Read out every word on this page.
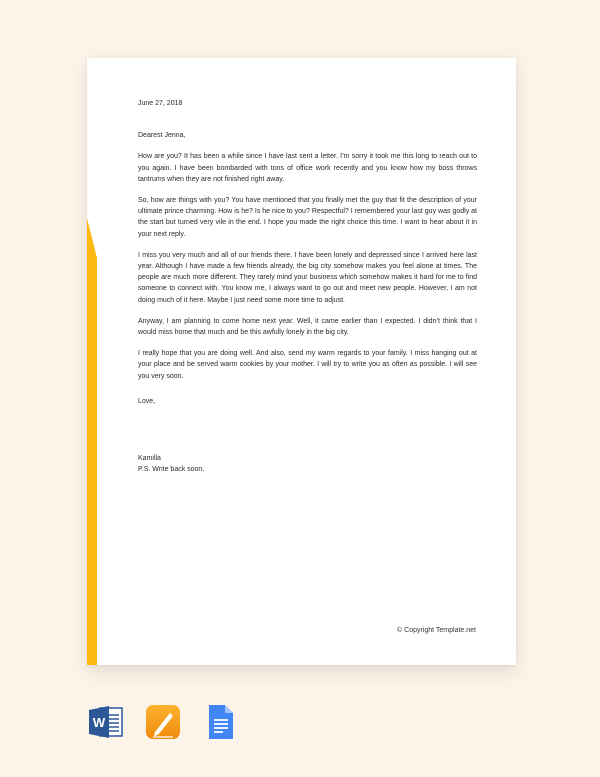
June 27, 2018

Dearest Jenna,

How are you? It has been a while since I have last sent a letter. I’m sorry it took me this long to reach out to you again. I have been bombarded with tons of office work recently and you know how my boss throws tantrums when they are not finished right away.

So, how are things with you? You have mentioned that you finally met the guy that fit the description of your ultimate prince charming. How is he? Is he nice to you? Respectful? I remembered your last guy was godly at the start but turned very vile in the end. I hope you made the right choice this time. I want to hear about it in your next reply.

I miss you very much and all of our friends there. I have been lonely and depressed since I arrived here last year. Although I have made a few friends already, the big city somehow makes you feel alone at times. The people are much more different. They rarely mind your business which somehow makes it hard for me to find someone to connect with. You know me, I always want to go out and meet new people. However, I am not doing much of it here. Maybe I just need some more time to adjust.

Anyway, I am planning to come home next year. Well, it came earlier than I expected. I didn’t think that I would miss home that much and be this awfully lonely in the big city.

I really hope that you are doing well. And also, send my warm regards to your family. I miss hanging out at your place and be served warm cookies by your mother. I will try to write you as often as possible. I will see you very soon.

Love,

Kamilla

P.S. Write back soon.

© Copyright Template.net
W
